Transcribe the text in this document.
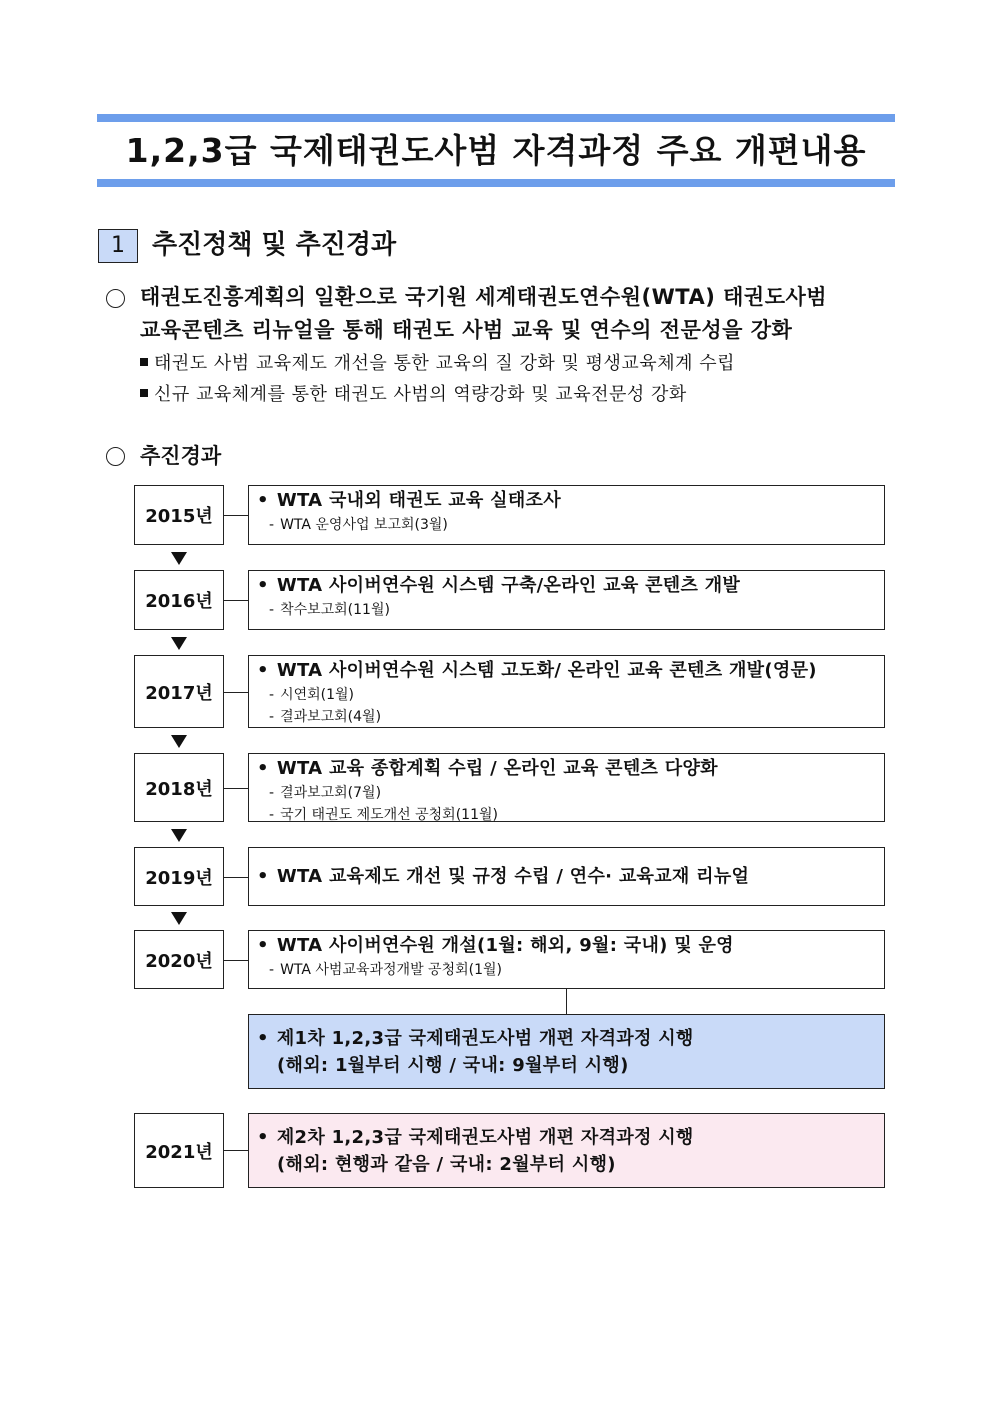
1,2,3급 국제태권도사범 자격과정 주요 개편내용
1	추진정책 및 추진경과
태권도진흥계획의 일환으로 국기원 세계태권도연수원(WTA) 태권도사범
교육콘텐츠 리뉴얼을 통해 태권도 사범 교육 및 연수의 전문성을 강화
태권도 사범 교육제도 개선을 통한 교육의 질 강화 및 평생교육체계 수립
신규 교육체계를 통한 태권도 사범의 역량강화 및 교육전문성 강화
추진경과
2015년
• WTA 국내외 태권도 교육 실태조사
- WTA 운영사업 보고회(3월)
2016년
• WTA 사이버연수원 시스템 구축/온라인 교육 콘텐츠 개발
- 착수보고회(11월)
2017년
• WTA 사이버연수원 시스템 고도화/ 온라인 교육 콘텐츠 개발(영문)
- 시연회(1월)
- 결과보고회(4월)
2018년
• WTA 교육 종합계획 수립 / 온라인 교육 콘텐츠 다양화
- 결과보고회(7월)
- 국기 태권도 제도개선 공청회(11월)
2019년	• WTA 교육제도 개선 및 규정 수립 / 연수· 교육교재 리뉴얼
2020년
• WTA 사이버연수원 개설(1월: 해외, 9월: 국내) 및 운영
- WTA 사범교육과정개발 공청회(1월)
• 제1차 1,2,3급 국제태권도사범 개편 자격과정 시행
(해외: 1월부터 시행 / 국내: 9월부터 시행)
2021년
• 제2차 1,2,3급 국제태권도사범 개편 자격과정 시행
(해외: 현행과 같음 / 국내: 2월부터 시행)
